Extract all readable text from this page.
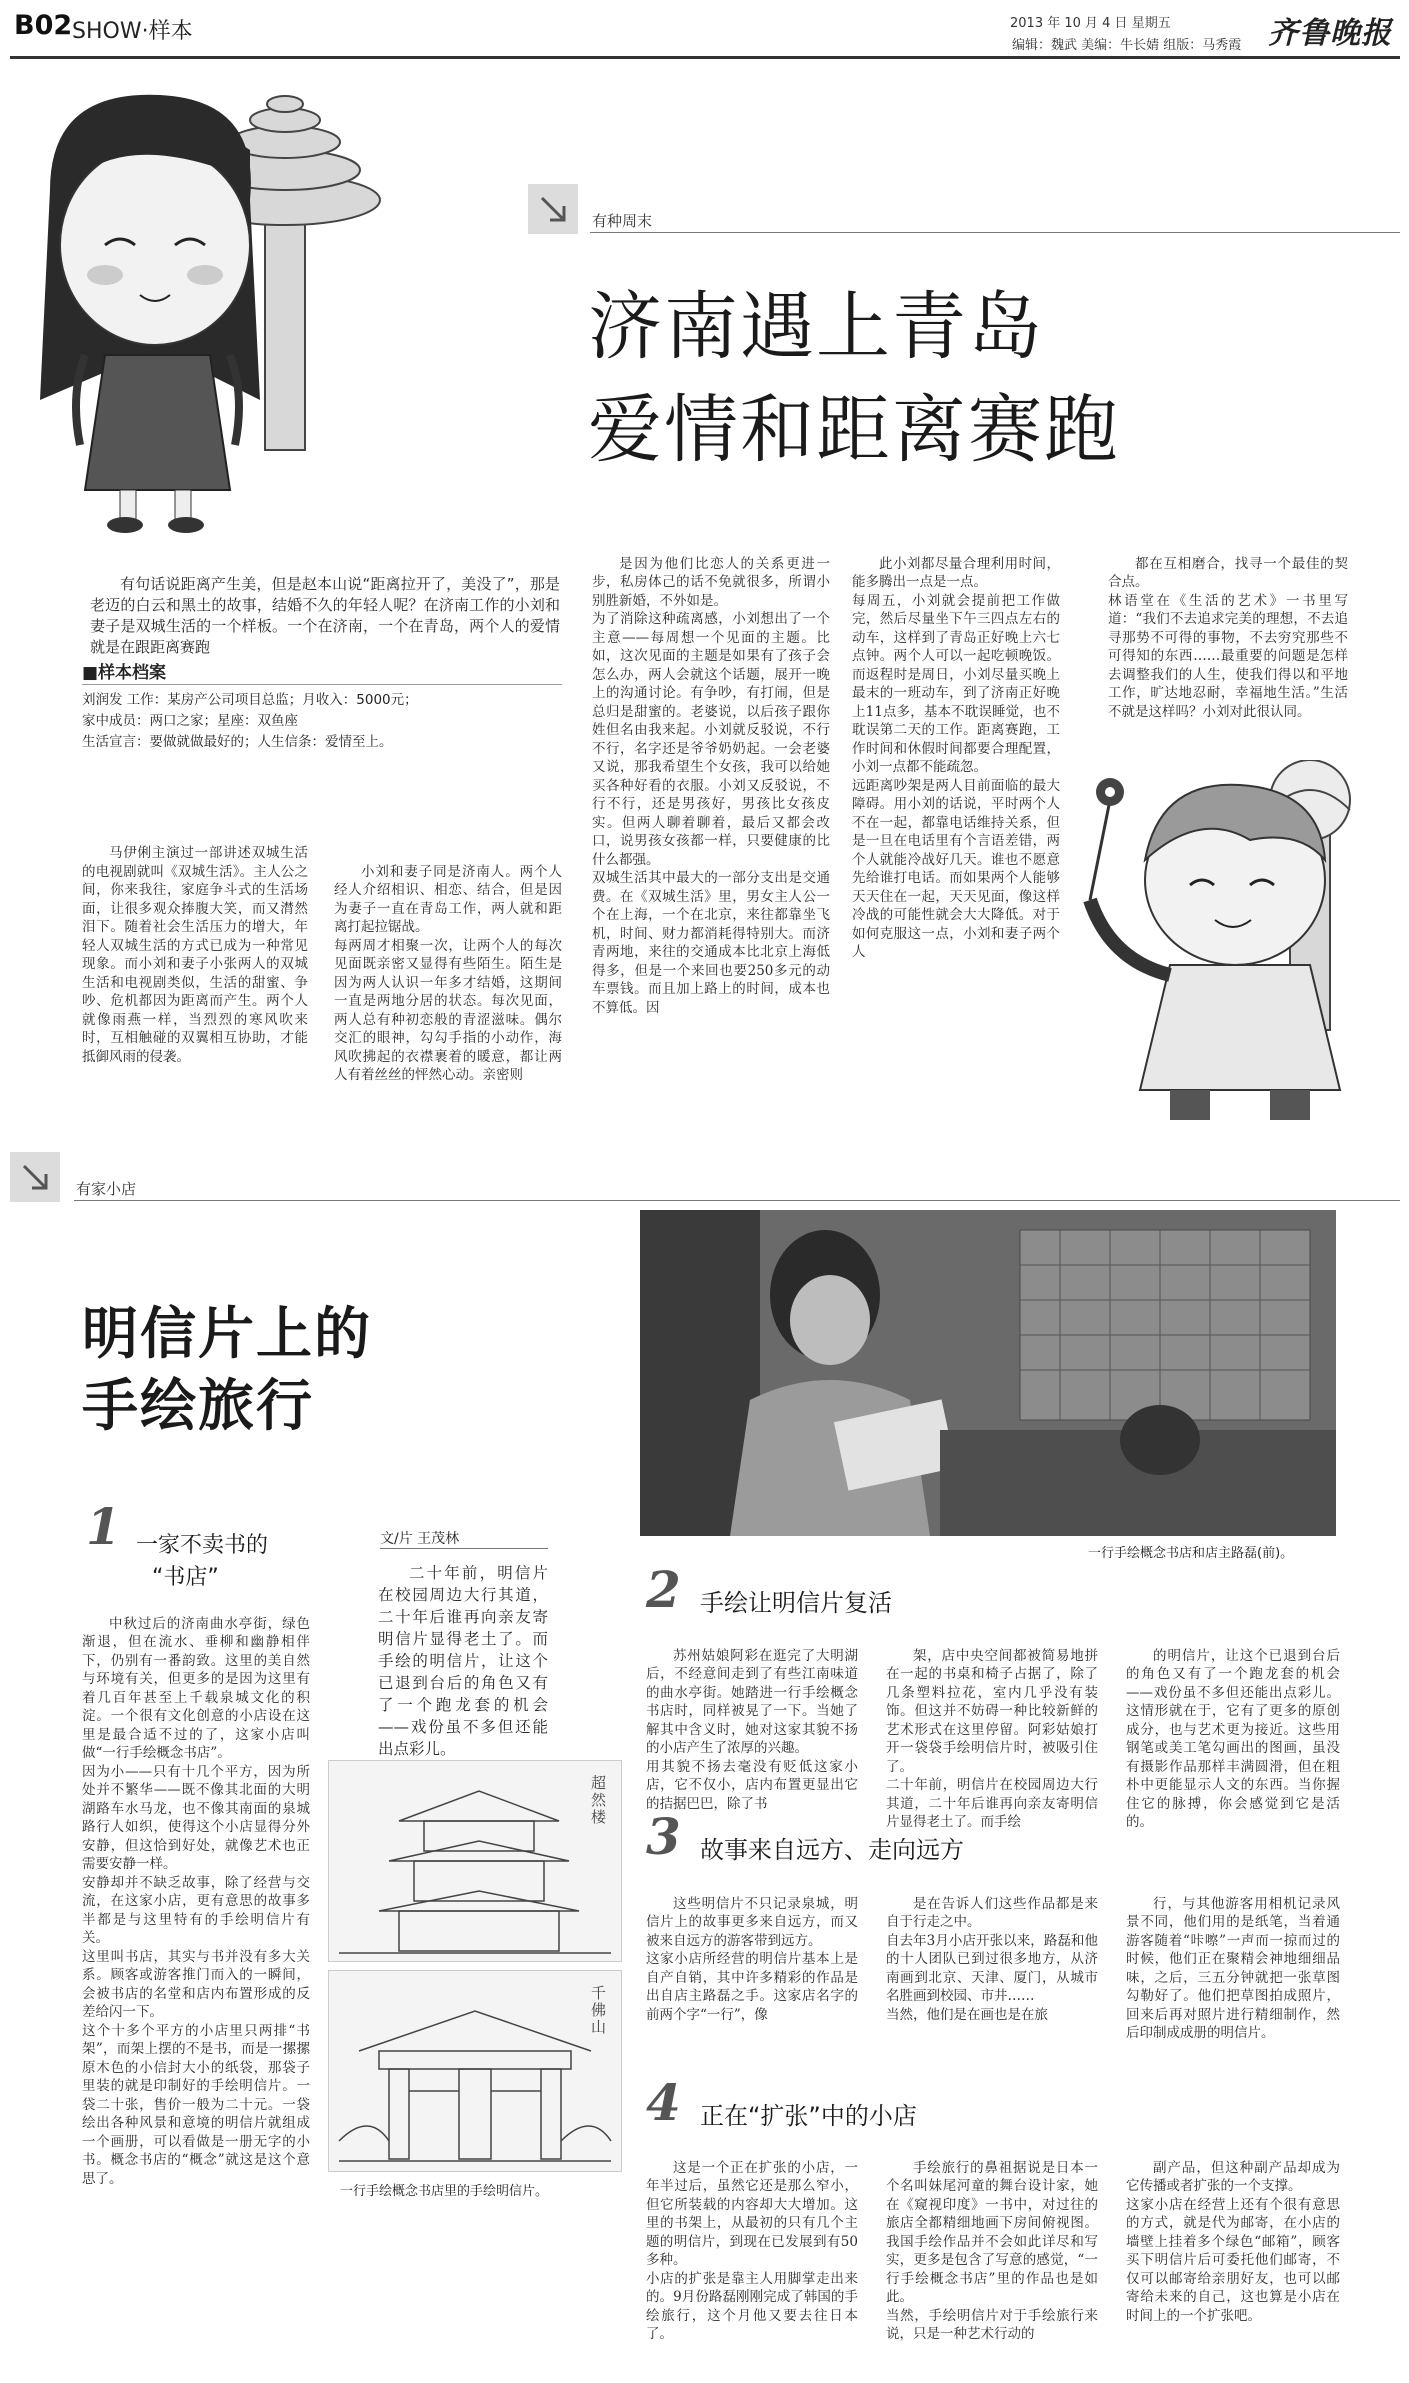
B02 SHOW·样本	2013 年 10 月 4 日 星期五
编辑：魏武 美编：牛长婧 组版：马秀霞 齐鲁晚报
有种周末
济南遇上青岛
爱情和距离赛跑

有句话说距离产生美，但是赵本山说“距离拉开了，美没了”，那是老迈的白云和黑土的故事，结婚不久的年轻人呢？在济南工作的小刘和妻子是双城生活的一个样板。一个在济南，一个在青岛，两个人的爱情就是在跟距离赛跑

■样本档案
刘润发 工作：某房产公司项目总监；月收入：5000元；
家中成员：两口之家；星座：双鱼座
生活宣言：要做就做最好的；人生信条：爱情至上。

马伊俐主演过一部讲述双城生活的电视剧就叫《双城生活》。主人公之间，你来我往，家庭争斗式的生活场面，让很多观众捧腹大笑，而又潸然泪下。随着社会生活压力的增大，年轻人双城生活的方式已成为一种常见现象。而小刘和妻子小张两人的双城生活和电视剧类似，生活的甜蜜、争吵、危机都因为距离而产生。两个人就像雨燕一样，当烈烈的寒风吹来时，互相触碰的双翼相互协助，才能抵御风雨的侵袭。

小刘和妻子同是济南人。两个人经人介绍相识、相恋、结合，但是因为妻子一直在青岛工作，两人就和距离打起拉锯战。
每两周才相聚一次，让两个人的每次见面既亲密又显得有些陌生。陌生是因为两人认识一年多才结婚，这期间一直是两地分居的状态。每次见面，两人总有种初恋般的青涩滋味。偶尔交汇的眼神，勾勾手指的小动作，海风吹拂起的衣襟裹着的暖意，都让两人有着丝丝的怦然心动。亲密则

是因为他们比恋人的关系更进一步，私房体己的话不免就很多，所谓小别胜新婚，不外如是。
为了消除这种疏离感，小刘想出了一个主意——每周想一个见面的主题。比如，这次见面的主题是如果有了孩子会怎么办，两人会就这个话题，展开一晚上的沟通讨论。有争吵，有打闹，但是总归是甜蜜的。老婆说，以后孩子跟你姓但名由我来起。小刘就反驳说，不行不行，名字还是爷爷奶奶起。一会老婆又说，那我希望生个女孩，我可以给她买各种好看的衣服。小刘又反驳说，不行不行，还是男孩好，男孩比女孩皮实。但两人聊着聊着，最后又都会改口，说男孩女孩都一样，只要健康的比什么都强。
双城生活其中最大的一部分支出是交通费。在《双城生活》里，男女主人公一个在上海，一个在北京，来往都靠坐飞机，时间、财力都消耗得特别大。而济青两地，来往的交通成本比北京上海低得多，但是一个来回也要250多元的动车票钱。而且加上路上的时间，成本也不算低。因

此小刘都尽量合理利用时间，能多腾出一点是一点。
每周五，小刘就会提前把工作做完，然后尽量坐下午三四点左右的动车，这样到了青岛正好晚上六七点钟。两个人可以一起吃顿晚饭。而返程时是周日，小刘尽量买晚上最末的一班动车，到了济南正好晚上11点多，基本不耽误睡觉，也不耽误第二天的工作。距离赛跑，工作时间和休假时间都要合理配置，小刘一点都不能疏忽。
远距离吵架是两人目前面临的最大障碍。用小刘的话说，平时两个人不在一起，都靠电话维持关系，但是一旦在电话里有个言语差错，两个人就能冷战好几天。谁也不愿意先给谁打电话。而如果两个人能够天天住在一起，天天见面，像这样冷战的可能性就会大大降低。对于如何克服这一点，小刘和妻子两个人

都在互相磨合，找寻一个最佳的契合点。
林语堂在《生活的艺术》一书里写道：“我们不去追求完美的理想，不去追寻那势不可得的事物，不去穷究那些不可得知的东西……最重要的问题是怎样去调整我们的人生，使我们得以和平地工作，旷达地忍耐，幸福地生活。”生活不就是这样吗？小刘对此很认同。

有家小店
明信片上的
手绘旅行
一行手绘概念书店和店主路磊(前)。
1 一家不卖书的
“书店”

中秋过后的济南曲水亭街，绿色渐退，但在流水、垂柳和幽静相伴下，仍别有一番韵致。这里的美自然与环境有关，但更多的是因为这里有着几百年甚至上千载泉城文化的积淀。一个很有文化创意的小店设在这里是最合适不过的了，这家小店叫做“一行手绘概念书店”。
因为小——只有十几个平方，因为所处并不繁华——既不像其北面的大明湖路车水马龙，也不像其南面的泉城路行人如织，使得这个小店显得分外安静，但这恰到好处，就像艺术也正需要安静一样。
安静却并不缺乏故事，除了经营与交流，在这家小店，更有意思的故事多半都是与这里特有的手绘明信片有关。
这里叫书店，其实与书并没有多大关系。顾客或游客推门而入的一瞬间，会被书店的名堂和店内布置形成的反差给闪一下。
这个十多个平方的小店里只两排“书架”，而架上摆的不是书，而是一摞摞原木色的小信封大小的纸袋，那袋子里装的就是印制好的手绘明信片。一袋二十张，售价一般为二十元。一袋绘出各种风景和意境的明信片就组成一个画册，可以看做是一册无字的小书。概念书店的“概念”就这是这个意思了。

文/片 王茂林

二十年前，明信片在校园周边大行其道，二十年后谁再向亲友寄明信片显得老土了。而手绘的明信片，让这个已退到台后的角色又有了一个跑龙套的机会——戏份虽不多但还能出点彩儿。

超然楼
千佛山
一行手绘概念书店里的手绘明信片。
2 手绘让明信片复活

苏州姑娘阿彩在逛完了大明湖后，不经意间走到了有些江南味道的曲水亭街。她踏进一行手绘概念书店时，同样被晃了一下。当她了解其中含义时，她对这家其貌不扬的小店产生了浓厚的兴趣。
用其貌不扬去毫没有贬低这家小店，它不仅小，店内布置更显出它的拮据巴巴，除了书

架，店中央空间都被简易地拼在一起的书桌和椅子占据了，除了几条塑料拉花，室内几乎没有装饰。但这并不妨碍一种比较新鲜的艺术形式在这里停留。阿彩姑娘打开一袋袋手绘明信片时，被吸引住了。
二十年前，明信片在校园周边大行其道，二十年后谁再向亲友寄明信片显得老土了。而手绘

的明信片，让这个已退到台后的角色又有了一个跑龙套的机会——戏份虽不多但还能出点彩儿。这情形就在于，它有了更多的原创成分，也与艺术更为接近。这些用钢笔或美工笔勾画出的图画，虽没有摄影作品那样丰满圆滑，但在粗朴中更能显示人文的东西。当你握住它的脉搏，你会感觉到它是活的。

3 故事来自远方、走向远方

这些明信片不只记录泉城，明信片上的故事更多来自远方，而又被来自远方的游客带到远方。
这家小店所经营的明信片基本上是自产自销，其中许多精彩的作品是出自店主路磊之手。这家店名字的前两个字“一行”，像

是在告诉人们这些作品都是来自于行走之中。
自去年3月小店开张以来，路磊和他的十人团队已到过很多地方，从济南画到北京、天津、厦门，从城市名胜画到校园、市井……
当然，他们是在画也是在旅

行，与其他游客用相机记录风景不同，他们用的是纸笔，当着通游客随着“咔嚓”一声而一掠而过的时候，他们正在聚精会神地细细品味，之后，三五分钟就把一张草图勾勒好了。他们把草图拍成照片，回来后再对照片进行精细制作，然后印制成成册的明信片。

4 正在“扩张”中的小店

这是一个正在扩张的小店，一年半过后，虽然它还是那么窄小，但它所装载的内容却大大增加。这里的书架上，从最初的只有几个主题的明信片，到现在已发展到有50多种。
小店的扩张是靠主人用脚掌走出来的。9月份路磊刚刚完成了韩国的手绘旅行，这个月他又要去往日本了。

手绘旅行的鼻祖据说是日本一个名叫妹尾河童的舞台设计家，她在《窥视印度》一书中，对过往的旅店全都精细地画下房间俯视图。我国手绘作品并不会如此详尽和写实，更多是包含了写意的感觉，“一行手绘概念书店”里的作品也是如此。
当然，手绘明信片对于手绘旅行来说，只是一种艺术行动的

副产品，但这种副产品却成为它传播或者扩张的一个支撑。
这家小店在经营上还有个很有意思的方式，就是代为邮寄，在小店的墙壁上挂着多个绿色“邮箱”，顾客买下明信片后可委托他们邮寄，不仅可以邮寄给亲朋好友，也可以邮寄给未来的自己，这也算是小店在时间上的一个扩张吧。
